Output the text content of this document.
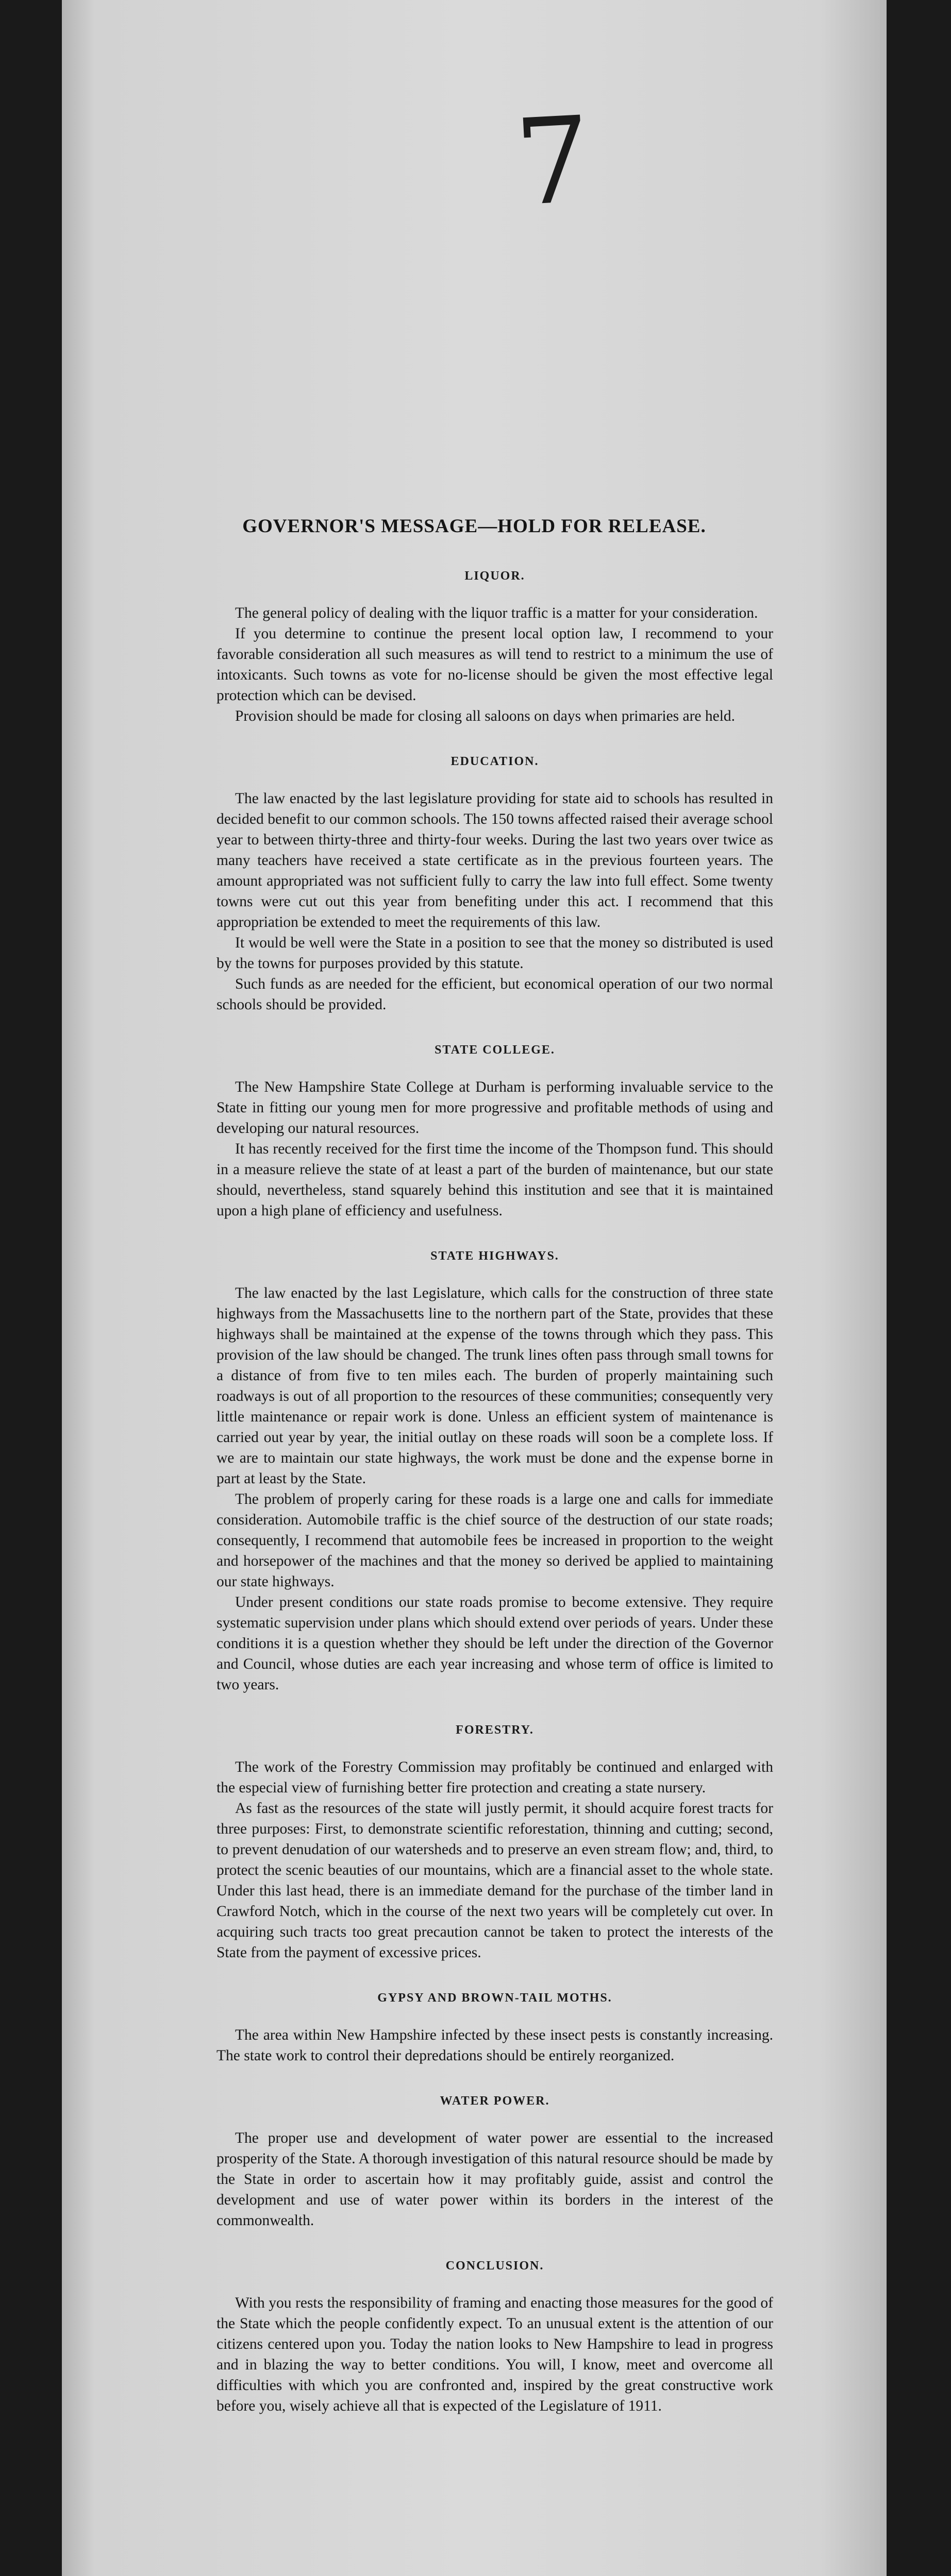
7
GOVERNOR'S MESSAGE—HOLD FOR RELEASE.
LIQUOR.

The general policy of dealing with the liquor traffic is a matter for your consideration.

If you determine to continue the present local option law, I recommend to your favorable consideration all such measures as will tend to restrict to a minimum the use of intoxicants. Such towns as vote for no-license should be given the most effective legal protection which can be devised.

Provision should be made for closing all saloons on days when primaries are held.

EDUCATION.

The law enacted by the last legislature providing for state aid to schools has resulted in decided benefit to our common schools. The 150 towns affected raised their average school year to between thirty-three and thirty-four weeks. During the last two years over twice as many teachers have received a state certificate as in the previous fourteen years. The amount appropriated was not sufficient fully to carry the law into full effect. Some twenty towns were cut out this year from benefiting under this act. I recommend that this appropriation be extended to meet the requirements of this law.

It would be well were the State in a position to see that the money so distributed is used by the towns for purposes provided by this statute.

Such funds as are needed for the efficient, but economical operation of our two normal schools should be provided.

STATE COLLEGE.

The New Hampshire State College at Durham is performing invaluable service to the State in fitting our young men for more progressive and profitable methods of using and developing our natural resources.

It has recently received for the first time the income of the Thompson fund. This should in a measure relieve the state of at least a part of the burden of maintenance, but our state should, nevertheless, stand squarely behind this institution and see that it is maintained upon a high plane of efficiency and usefulness.

STATE HIGHWAYS.

The law enacted by the last Legislature, which calls for the construction of three state highways from the Massachusetts line to the northern part of the State, provides that these highways shall be maintained at the expense of the towns through which they pass. This provision of the law should be changed. The trunk lines often pass through small towns for a distance of from five to ten miles each. The burden of properly maintaining such roadways is out of all proportion to the resources of these communities; consequently very little maintenance or repair work is done. Unless an efficient system of maintenance is carried out year by year, the initial outlay on these roads will soon be a complete loss. If we are to maintain our state highways, the work must be done and the expense borne in part at least by the State.

The problem of properly caring for these roads is a large one and calls for immediate consideration. Automobile traffic is the chief source of the destruction of our state roads; consequently, I recommend that automobile fees be increased in proportion to the weight and horsepower of the machines and that the money so derived be applied to maintaining our state highways.

Under present conditions our state roads promise to become extensive. They require systematic supervision under plans which should extend over periods of years. Under these conditions it is a question whether they should be left under the direction of the Governor and Council, whose duties are each year increasing and whose term of office is limited to two years.

FORESTRY.

The work of the Forestry Commission may profitably be continued and enlarged with the especial view of furnishing better fire protection and creating a state nursery.

As fast as the resources of the state will justly permit, it should acquire forest tracts for three purposes: First, to demonstrate scientific reforestation, thinning and cutting; second, to prevent denudation of our watersheds and to preserve an even stream flow; and, third, to protect the scenic beauties of our mountains, which are a financial asset to the whole state. Under this last head, there is an immediate demand for the purchase of the timber land in Crawford Notch, which in the course of the next two years will be completely cut over. In acquiring such tracts too great precaution cannot be taken to protect the interests of the State from the payment of excessive prices.

GYPSY AND BROWN-TAIL MOTHS.

The area within New Hampshire infected by these insect pests is constantly increasing. The state work to control their depredations should be entirely reorganized.

WATER POWER.

The proper use and development of water power are essential to the increased prosperity of the State. A thorough investigation of this natural resource should be made by the State in order to ascertain how it may profitably guide, assist and control the development and use of water power within its borders in the interest of the commonwealth.

CONCLUSION.

With you rests the responsibility of framing and enacting those measures for the good of the State which the people confidently expect. To an unusual extent is the attention of our citizens centered upon you. Today the nation looks to New Hampshire to lead in progress and in blazing the way to better conditions. You will, I know, meet and overcome all difficulties with which you are confronted and, inspired by the great constructive work before you, wisely achieve all that is expected of the Legislature of 1911.
